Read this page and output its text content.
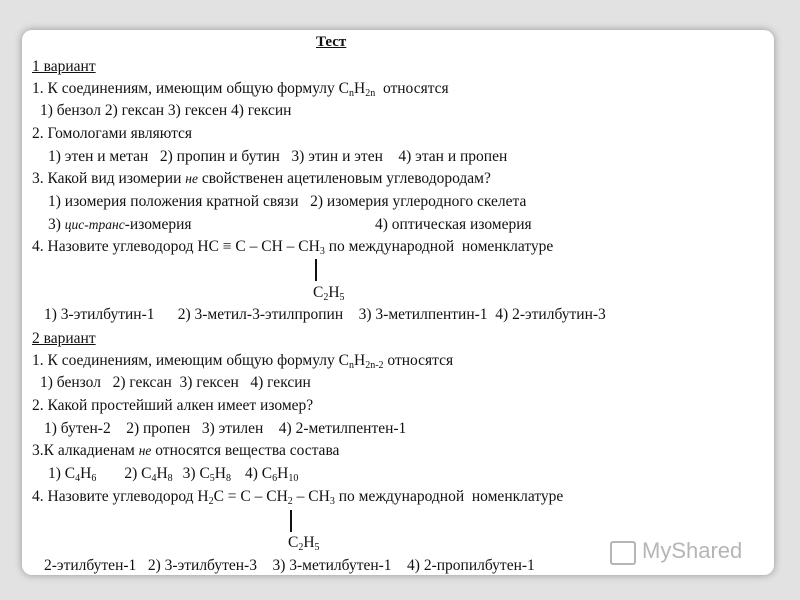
Тест
1 вариант
1. К соединениям, имеющим общую формулу $C_nH_{2n}$  относятся
1) бензол 2) гексан 3) гексен 4) гексин
2. Гомологами являются
1) этен и метан   2) пропин и бутин   3) этин и этен    4) этан и пропен
3. Какой вид изомерии не свойственен ацетиленовым углеводородам?
1) изомерия положения кратной связи   2) изомерия углеродного скелета
3) цис-транс-изомерия	4) оптическая изомерия
4. Назовите углеводород HC ≡ C – CH – $CH_3$ по международной  номенклатуре
$C_2H_5$
1) 3-этилбутин-1      2) 3-метил-3-этилпропин    3) 3-метилпентин-1  4) 2-этилбутин-3
2 вариант
1. К соединениям, имеющим общую формулу $C_nH_{2n-2}$ относятся
1) бензол   2) гексан  3) гексен   4) гексин
2. Какой простейший алкен имеет изомер?
1) бутен-2    2) пропен   3) этилен    4) 2-метилпентен-1
3.К алкадиенам не относятся вещества состава
1) $C_4H_6$ 2) $C_4H_8$ 3) $C_5H_8$ 4) $C_6H_{10}$
4. Назовите углеводород $H_2C = C - CH_2 - CH_3$ по международной  номенклатуре
$C_2H_5$
2-этилбутен-1   2) 3-этилбутен-3    3) 3-метилбутен-1    4) 2-пропилбутен-1
MyShared
